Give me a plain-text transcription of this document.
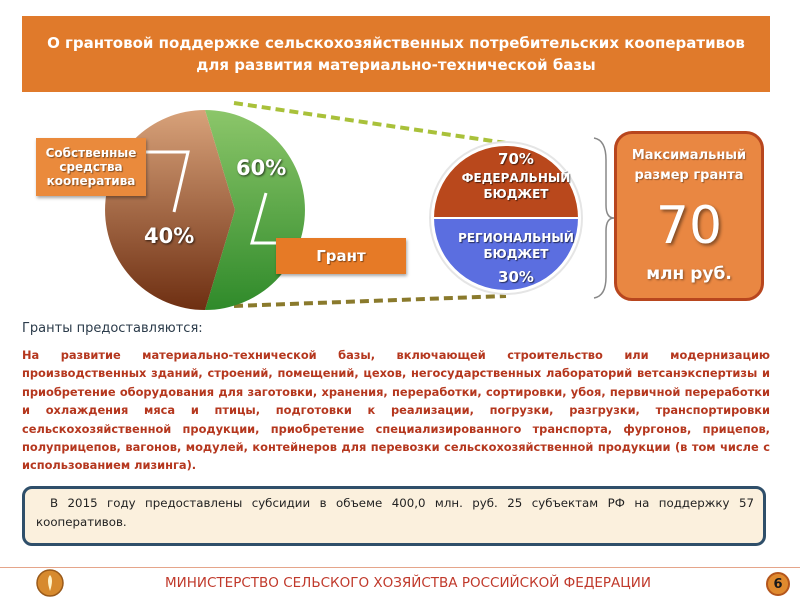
О грантовой поддержке сельскохозяйственных потребительских кооперативов для развития материально-технической базы
Собственные средства кооператива
Грант
60%
40%
70%
ФЕДЕРАЛЬНЫЙ БЮДЖЕТ
РЕГИОНАЛЬНЫЙ БЮДЖЕТ
30%
Максимальный размер гранта
70
млн руб.
Гранты предоставляются:
На развитие материально-технической базы, включающей строительство или модернизацию производственных зданий, строений, помещений, цехов, негосударственных лабораторий ветсанэкспертизы и приобретение оборудования для заготовки, хранения, переработки, сортировки, убоя, первичной переработки и охлаждения мяса и птицы, подготовки к реализации, погрузки, разгрузки, транспортировки сельскохозяйственной продукции, приобретение специализированного транспорта, фургонов, прицепов, полуприцепов, вагонов, модулей, контейнеров для перевозки сельскохозяйственной продукции (в том числе с использованием лизинга).
В 2015 году предоставлены субсидии в объеме 400,0 млн. руб. 25 субъектам РФ на поддержку 57 кооперативов.
МИНИСТЕРСТВО СЕЛЬСКОГО ХОЗЯЙСТВА РОССИЙСКОЙ ФЕДЕРАЦИИ	6
